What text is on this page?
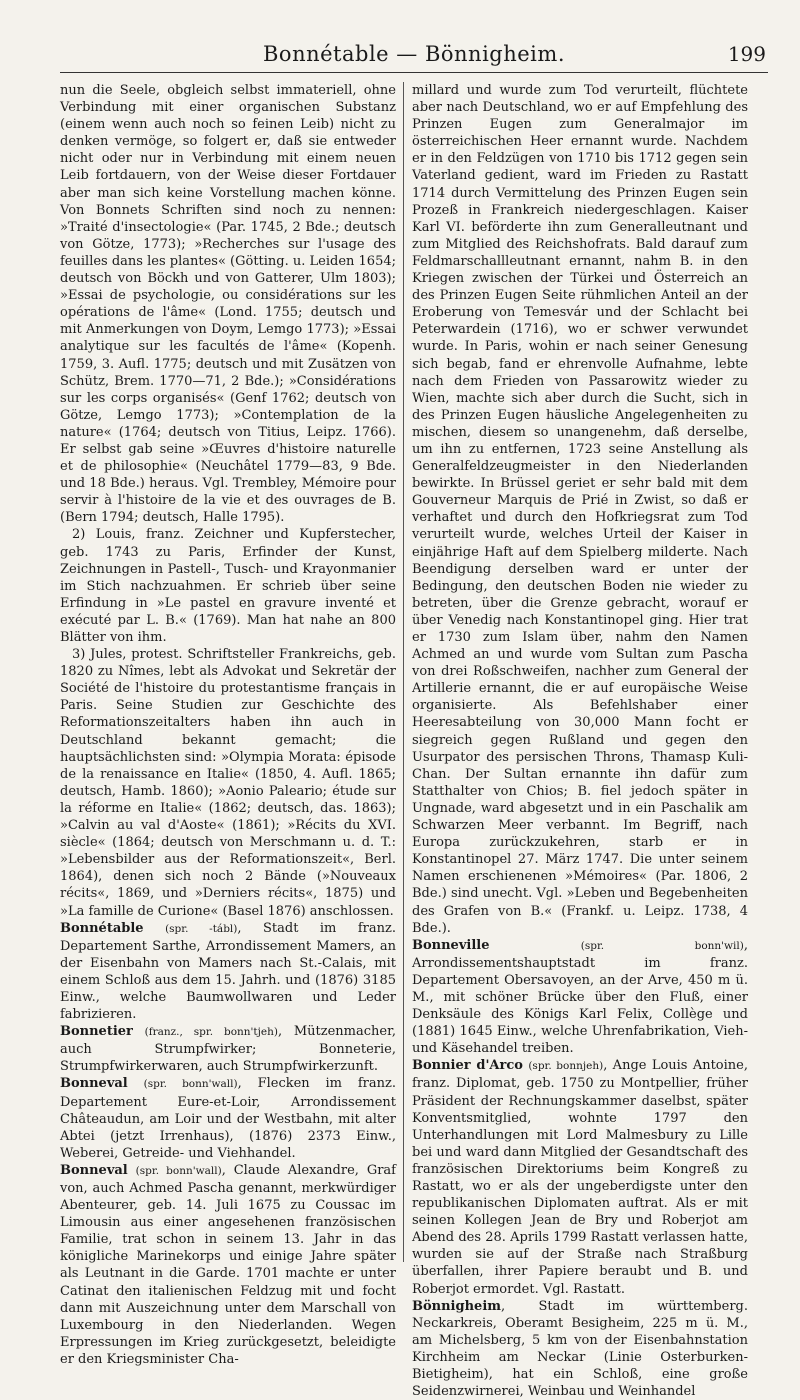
Bonnétable — Bönnigheim.	199

nun die Seele, obgleich selbst immateriell, ohne Verbindung mit einer organischen Substanz (einem wenn auch noch so feinen Leib) nicht zu denken vermöge, so folgert er, daß sie entweder nicht oder nur in Verbindung mit einem neuen Leib fortdauern, von der Weise dieser Fortdauer aber man sich keine Vorstellung machen könne. Von Bonnets Schriften sind noch zu nennen: »Traité d'insectologie« (Par. 1745, 2 Bde.; deutsch von Götze, 1773); »Recherches sur l'usage des feuilles dans les plantes« (Götting. u. Leiden 1654; deutsch von Böckh und von Gatterer, Ulm 1803); »Essai de psychologie, ou considérations sur les opérations de l'âme« (Lond. 1755; deutsch und mit Anmerkungen von Doym, Lemgo 1773); »Essai analytique sur les facultés de l'âme« (Kopenh. 1759, 3. Aufl. 1775; deutsch und mit Zusätzen von Schütz, Brem. 1770—71, 2 Bde.); »Considérations sur les corps organisés« (Genf 1762; deutsch von Götze, Lemgo 1773); »Contemplation de la nature« (1764; deutsch von Titius, Leipz. 1766). Er selbst gab seine »Œuvres d'histoire naturelle et de philosophie« (Neuchâtel 1779—83, 9 Bde. und 18 Bde.) heraus. Vgl. Trembley, Mémoire pour servir à l'histoire de la vie et des ouvrages de B. (Bern 1794; deutsch, Halle 1795).

2) Louis, franz. Zeichner und Kupferstecher, geb. 1743 zu Paris, Erfinder der Kunst, Zeichnungen in Pastell-, Tusch- und Krayonmanier im Stich nachzuahmen. Er schrieb über seine Erfindung in »Le pastel en gravure inventé et exécuté par L. B.« (1769). Man hat nahe an 800 Blätter von ihm.

3) Jules, protest. Schriftsteller Frankreichs, geb. 1820 zu Nîmes, lebt als Advokat und Sekretär der Société de l'histoire du protestantisme français in Paris. Seine Studien zur Geschichte des Reformationszeitalters haben ihn auch in Deutschland bekannt gemacht; die hauptsächlichsten sind: »Olympia Morata: épisode de la renaissance en Italie« (1850, 4. Aufl. 1865; deutsch, Hamb. 1860); »Aonio Paleario; étude sur la réforme en Italie« (1862; deutsch, das. 1863); »Calvin au val d'Aoste« (1861); »Récits du XVI. siècle« (1864; deutsch von Merschmann u. d. T.: »Lebensbilder aus der Reformationszeit«, Berl. 1864), denen sich noch 2 Bände (»Nouveaux récits«, 1869, und »Derniers récits«, 1875) und »La famille de Curione« (Basel 1876) anschlossen.

Bonnétable (spr. -tábl), Stadt im franz. Departement Sarthe, Arrondissement Mamers, an der Eisenbahn von Mamers nach St.-Calais, mit einem Schloß aus dem 15. Jahrh. und (1876) 3185 Einw., welche Baumwollwaren und Leder fabrizieren.

Bonnetier (franz., spr. bonn'tjeh), Mützenmacher, auch Strumpfwirker; Bonneterie, Strumpfwirkerwaren, auch Strumpfwirkerzunft.

Bonneval (spr. bonn'wall), Flecken im franz. Departement Eure-et-Loir, Arrondissement Châteaudun, am Loir und der Westbahn, mit alter Abtei (jetzt Irrenhaus), (1876) 2373 Einw., Weberei, Getreide- und Viehhandel.

Bonneval (spr. bonn'wall), Claude Alexandre, Graf von, auch Achmed Pascha genannt, merkwürdiger Abenteurer, geb. 14. Juli 1675 zu Coussac im Limousin aus einer angesehenen französischen Familie, trat schon in seinem 13. Jahr in das königliche Marinekorps und einige Jahre später als Leutnant in die Garde. 1701 machte er unter Catinat den italienischen Feldzug mit und focht dann mit Auszeichnung unter dem Marschall von Luxembourg in den Niederlanden. Wegen Erpressungen im Krieg zurückgesetzt, beleidigte er den Kriegsminister Cha-

millard und wurde zum Tod verurteilt, flüchtete aber nach Deutschland, wo er auf Empfehlung des Prinzen Eugen zum Generalmajor im österreichischen Heer ernannt wurde. Nachdem er in den Feldzügen von 1710 bis 1712 gegen sein Vaterland gedient, ward im Frieden zu Rastatt 1714 durch Vermittelung des Prinzen Eugen sein Prozeß in Frankreich niedergeschlagen. Kaiser Karl VI. beförderte ihn zum Generalleutnant und zum Mitglied des Reichshofrats. Bald darauf zum Feldmarschallleutnant ernannt, nahm B. in den Kriegen zwischen der Türkei und Österreich an des Prinzen Eugen Seite rühmlichen Anteil an der Eroberung von Temesvár und der Schlacht bei Peterwardein (1716), wo er schwer verwundet wurde. In Paris, wohin er nach seiner Genesung sich begab, fand er ehrenvolle Aufnahme, lebte nach dem Frieden von Passarowitz wieder zu Wien, machte sich aber durch die Sucht, sich in des Prinzen Eugen häusliche Angelegenheiten zu mischen, diesem so unangenehm, daß derselbe, um ihn zu entfernen, 1723 seine Anstellung als Generalfeldzeugmeister in den Niederlanden bewirkte. In Brüssel geriet er sehr bald mit dem Gouverneur Marquis de Prié in Zwist, so daß er verhaftet und durch den Hofkriegsrat zum Tod verurteilt wurde, welches Urteil der Kaiser in einjährige Haft auf dem Spielberg milderte. Nach Beendigung derselben ward er unter der Bedingung, den deutschen Boden nie wieder zu betreten, über die Grenze gebracht, worauf er über Venedig nach Konstantinopel ging. Hier trat er 1730 zum Islam über, nahm den Namen Achmed an und wurde vom Sultan zum Pascha von drei Roßschweifen, nachher zum General der Artillerie ernannt, die er auf europäische Weise organisierte. Als Befehlshaber einer Heeresabteilung von 30,000 Mann focht er siegreich gegen Rußland und gegen den Usurpator des persischen Throns, Thamasp Kuli-Chan. Der Sultan ernannte ihn dafür zum Statthalter von Chios; B. fiel jedoch später in Ungnade, ward abgesetzt und in ein Paschalik am Schwarzen Meer verbannt. Im Begriff, nach Europa zurückzukehren, starb er in Konstantinopel 27. März 1747. Die unter seinem Namen erschienenen »Mémoires« (Par. 1806, 2 Bde.) sind unecht. Vgl. »Leben und Begebenheiten des Grafen von B.« (Frankf. u. Leipz. 1738, 4 Bde.).

Bonneville	(spr. bonn'wil), Arrondissementshauptstadt im franz. Departement Obersavoyen, an der Arve, 450 m ü. M., mit schöner Brücke über den Fluß, einer Denksäule des Königs Karl Felix, Collège und (1881) 1645 Einw., welche Uhrenfabrikation, Vieh- und Käsehandel treiben.

Bonnier d'Arco (spr. bonnjeh), Ange Louis Antoine, franz. Diplomat, geb. 1750 zu Montpellier, früher Präsident der Rechnungskammer daselbst, später Konventsmitglied, wohnte 1797 den Unterhandlungen mit Lord Malmesbury zu Lille bei und ward dann Mitglied der Gesandtschaft des französischen Direktoriums beim Kongreß zu Rastatt, wo er als der ungeberdigste unter den republikanischen Diplomaten auftrat. Als er mit seinen Kollegen Jean de Bry und Roberjot am Abend des 28. Aprils 1799 Rastatt verlassen hatte, wurden sie auf der Straße nach Straßburg überfallen, ihrer Papiere beraubt und B. und Roberjot ermordet. Vgl. Rastatt.

Bönnigheim, Stadt im württemberg. Neckarkreis, Oberamt Besigheim, 225 m ü. M., am Michelsberg, 5 km von der Eisenbahnstation Kirchheim am Neckar (Linie Osterburken-Bietigheim), hat ein Schloß, eine große Seidenzwirnerei, Weinbau und Weinhandel
